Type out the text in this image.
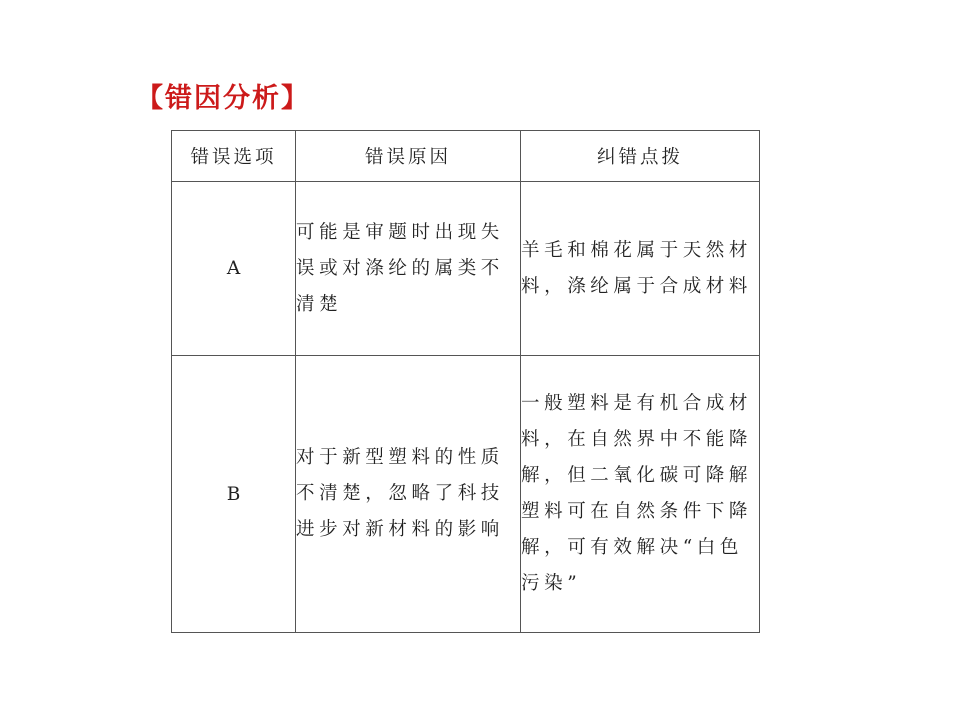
【错因分析】
错误选项	错误原因	纠错点拨
A	可能是审题时出现失误或对涤纶的属类不清楚	羊毛和棉花属于天然材料，涤纶属于合成材料
B	对于新型塑料的性质不清楚，忽略了科技进步对新材料的影响	一般塑料是有机合成材料，在自然界中不能降解，但二氧化碳可降解塑料可在自然条件下降解，可有效解决“白色污染”
